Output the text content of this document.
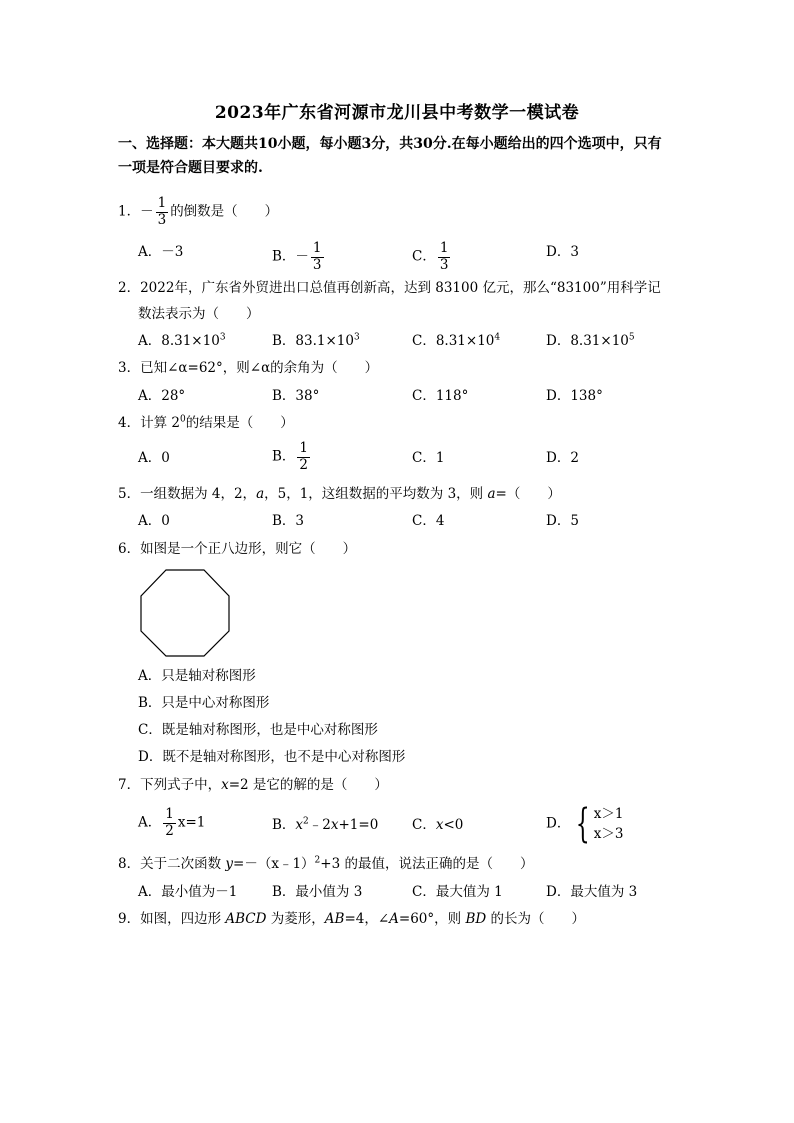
2023年广东省河源市龙川县中考数学一模试卷
一、选择题：本大题共10小题，每小题3分，共30分.在每小题给出的四个选项中，只有
一项是符合题目要求的.
1．－ $\frac{1}{3}$ 的倒数是（　　）
A．－3	B．－ $\frac{1}{3}$	C． $\frac{1}{3}$	D．3
2．2022年，广东省外贸进出口总值再创新高，达到 83100 亿元，那么“83100”用科学记
数法表示为（　　）
A．$8.31\times 10^3$	B．$83.1\times 10^3$	C．$8.31\times 10^4$	D．$8.31\times 10^5$
3．已知∠α=62°，则∠α的余角为（　　）
A．28°	B．38°	C．118°	D．138°
4．计算 $2^0$的结果是（　　）
A．0	B． $\frac{1}{2}$	C．1	D．2
5．一组数据为 4，2，a，5，1，这组数据的平均数为 3，则 a=（　　）
A．0	B．3	C．4	D．5
6．如图是一个正八边形，则它（　　）
A．只是轴对称图形
B．只是中心对称图形
C．既是轴对称图形，也是中心对称图形
D．既不是轴对称图形，也不是中心对称图形
7．下列式子中，x=2 是它的解的是（　　）
A． $\frac{1}{2} x=1$	B．$x^2﹣2x+1=0$ C．x<0	D． { x＞1
x＞3
8．关于二次函数 y=－（x﹣1）$^2$+3 的最值，说法正确的是（　　）
A．最小值为－1	B．最小值为 3	C．最大值为 1	D．最大值为 3
9．如图，四边形 ABCD 为菱形，AB=4，∠A=60°，则 BD 的长为（　　）
